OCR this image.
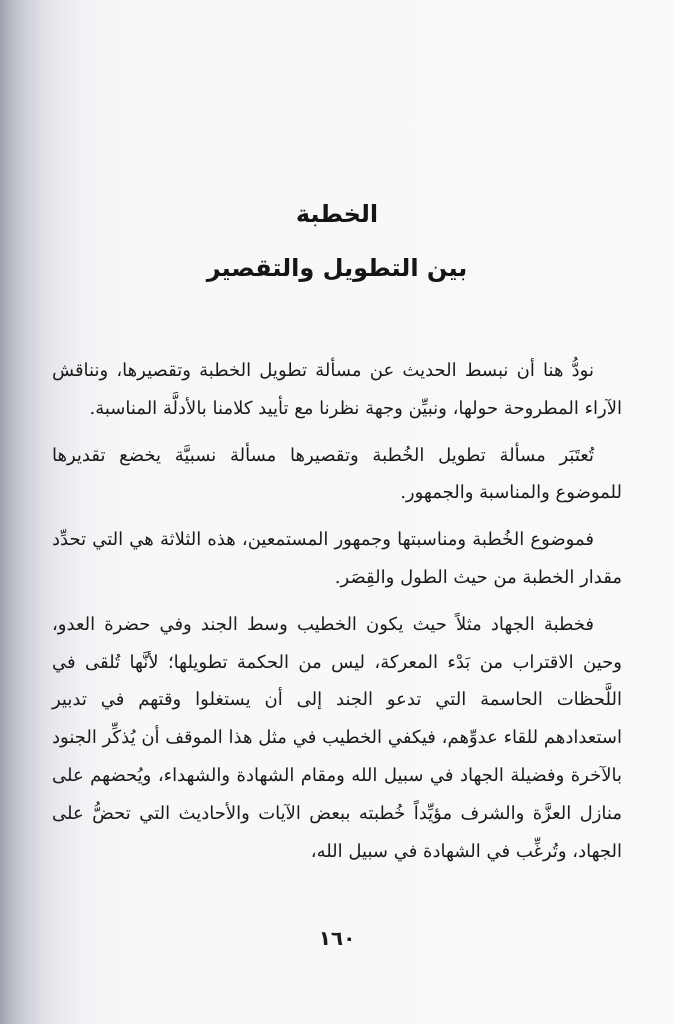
الخطبة
بين التطويل والتقصير

نودُّ هنا أن نبسط الحديث عن مسألة تطويل الخطبة وتقصيرها، ونناقش الآراء المطروحة حولها، ونبيِّن وجهة نظرنا مع تأييد كلامنا بالأدلَّة المناسبة.

تُعتَبَر مسألة تطويل الخُطبة وتقصيرها مسألة نسبيَّة يخضع تقديرها للموضوع والمناسبة والجمهور.

فموضوع الخُطبة ومناسبتها وجمهور المستمعين، هذه الثلاثة هي التي تحدِّد مقدار الخطبة من حيث الطول والقِصَر.

فخطبة الجهاد مثلاً حيث يكون الخطيب وسط الجند وفي حضرة العدو، وحين الاقتراب من بَدْء المعركة، ليس من الحكمة تطويلها؛ لأنَّها تُلقى في اللَّحظات الحاسمة التي تدعو الجند إلى أن يستغلوا وقتهم في تدبير استعدادهم للقاء عدوِّهم، فيكفي الخطيب في مثل هذا الموقف أن يُذكِّر الجنود بالآخرة وفضيلة الجهاد في سبيل الله ومقام الشهادة والشهداء، ويُحضهم على منازل العزَّة والشرف مؤيِّداً خُطبته ببعض الآيات والأحاديث التي تحضُّ على الجهاد، وتُرغِّب في الشهادة في سبيل الله،

١٦٠
